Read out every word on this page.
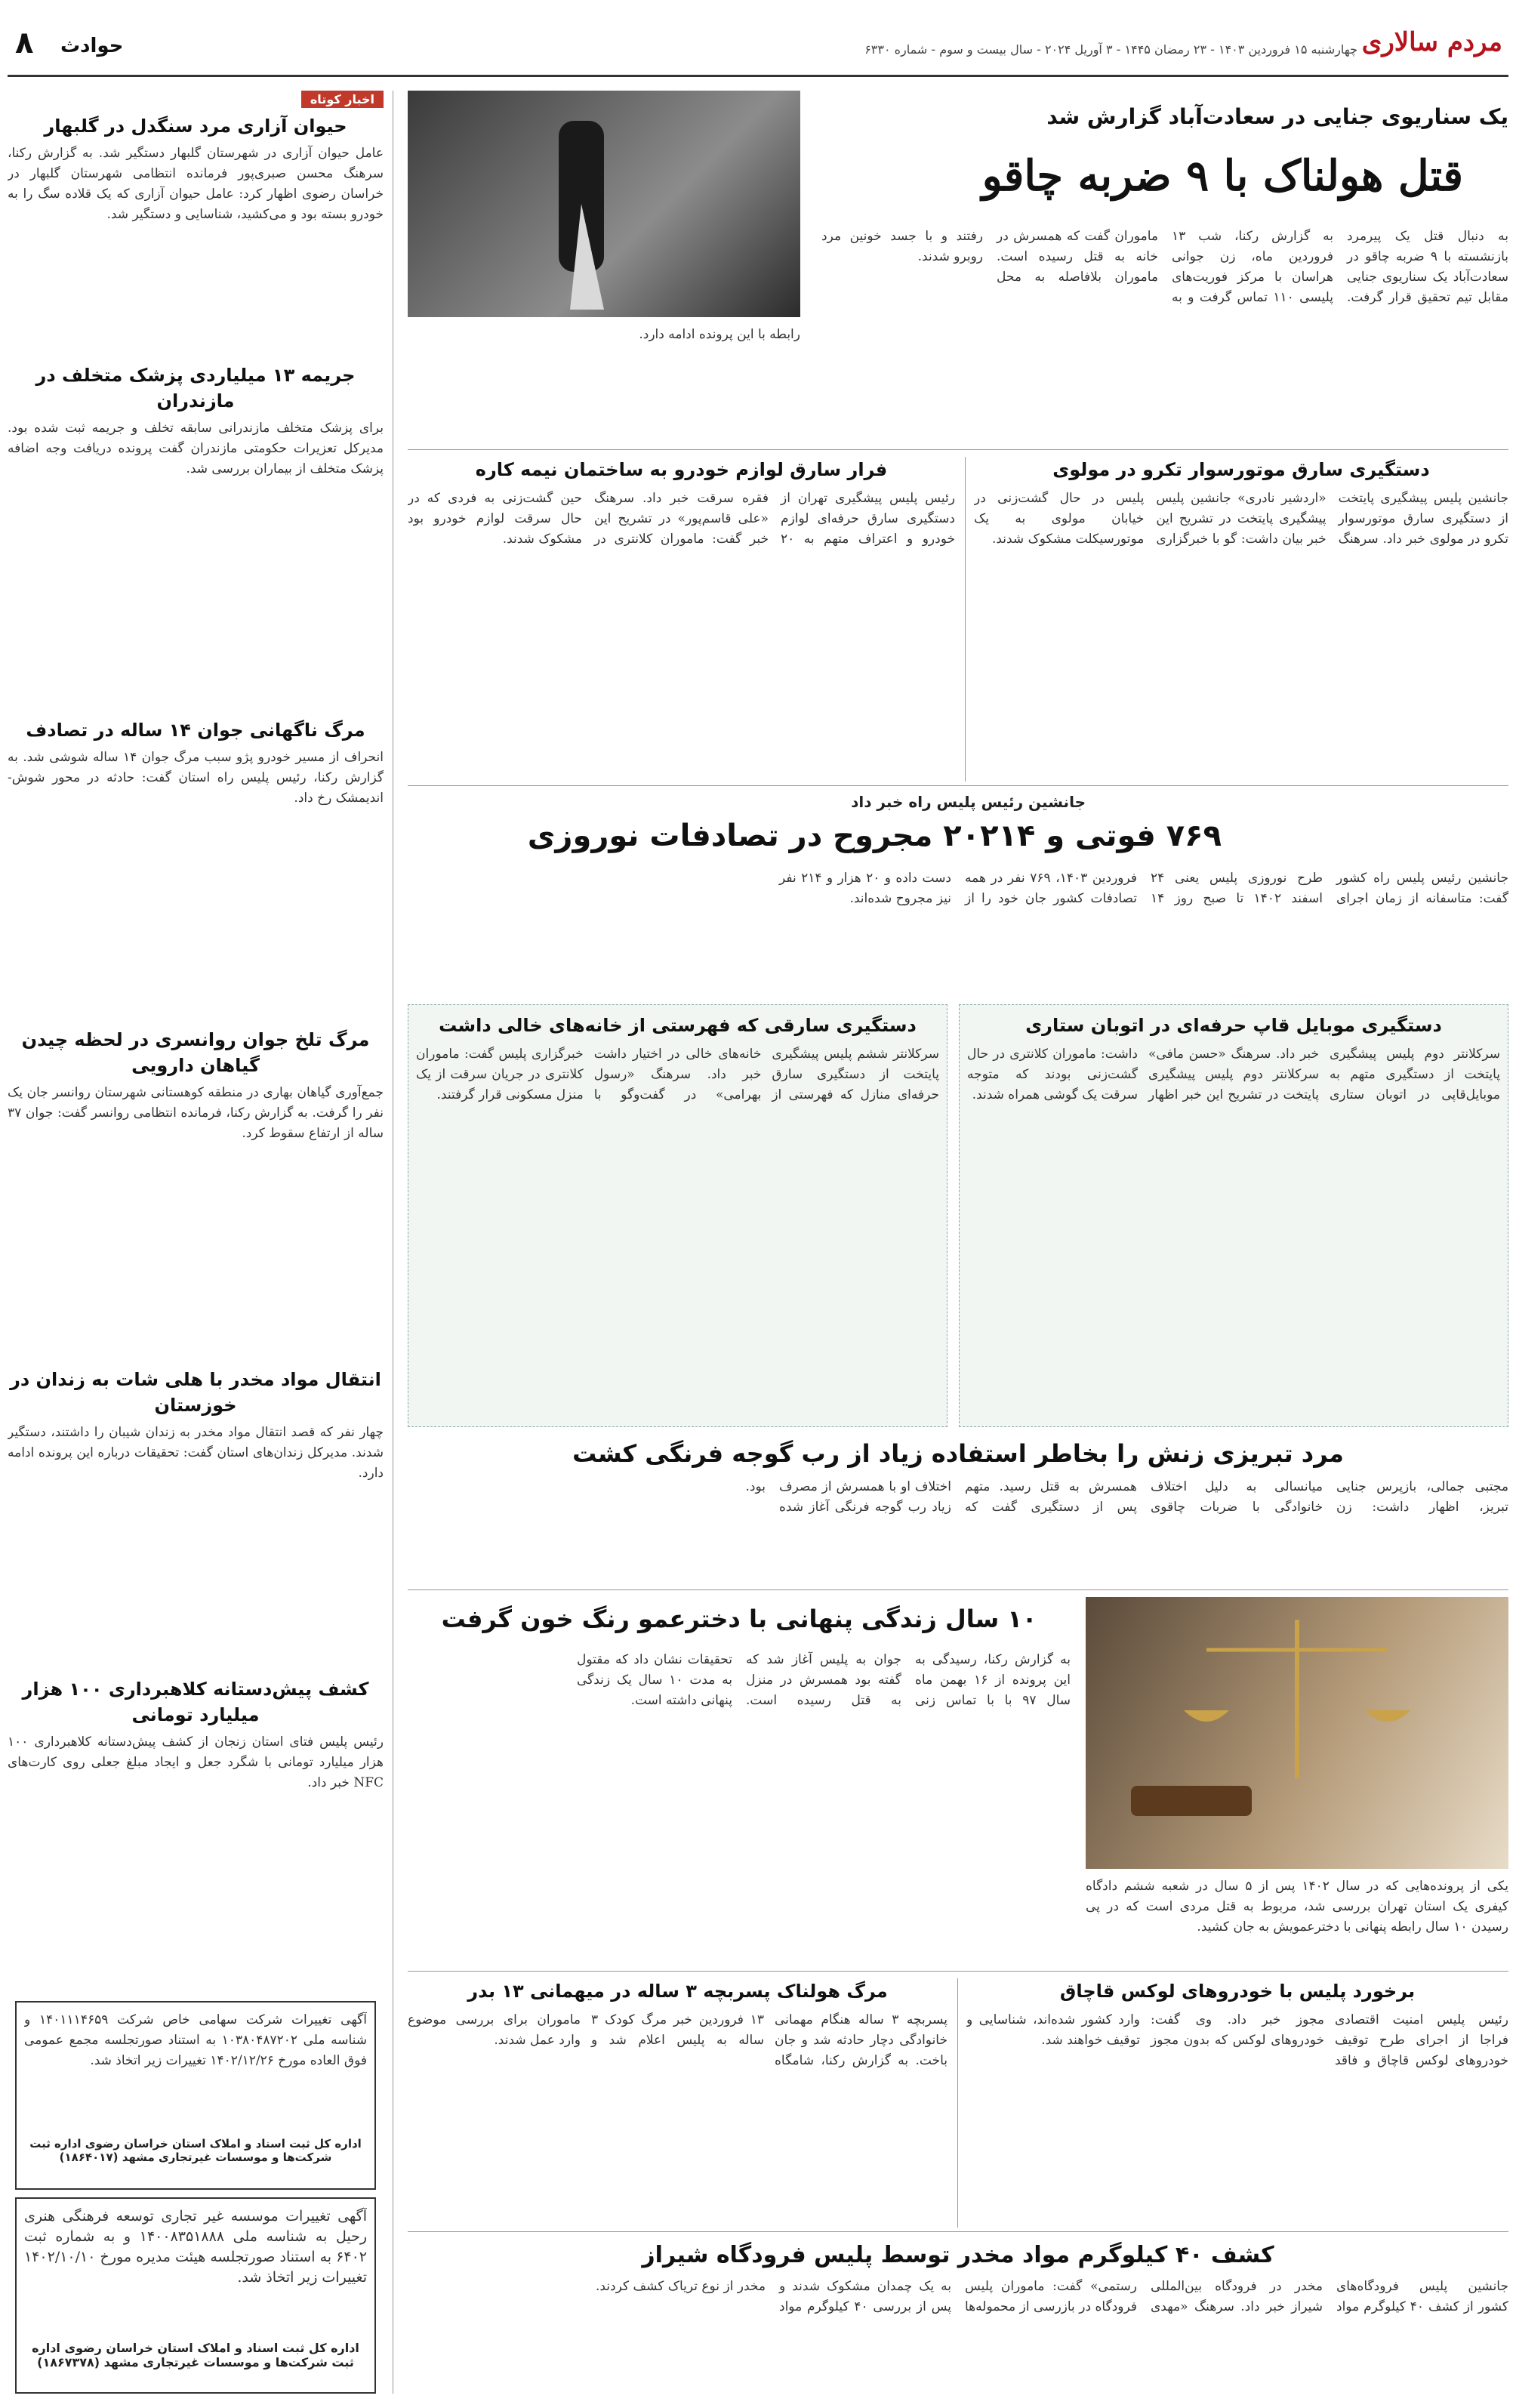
مردم سالاری
چهارشنبه ۱۵ فروردین ۱۴۰۳ - ۲۳ رمضان ۱۴۴۵ - ۳ آوریل ۲۰۲۴ - سال بیست و سوم - شماره ۶۳۳۰
۸ حوادث
اخبار کوتاه
حیوان آزاری مرد سنگدل در گلبهار
عامل حیوان آزاری در شهرستان گلبهار دستگیر شد. به گزارش رکنا، سرهنگ محسن صبری‌پور فرمانده انتظامی شهرستان گلبهار در خراسان رضوی اظهار کرد: عامل حیوان آزاری که یک قلاده سگ را به خودرو بسته بود و می‌کشید، شناسایی و دستگیر شد.
جریمه ۱۳ میلیاردی پزشک متخلف در مازندران
برای پزشک متخلف مازندرانی سابقه تخلف و جریمه ثبت شده بود. مدیرکل تعزیرات حکومتی مازندران گفت پرونده دریافت وجه اضافه پزشک متخلف از بیماران بررسی شد.
مرگ ناگهانی جوان ۱۴ ساله در تصادف
انحراف از مسیر خودرو پژو سبب مرگ جوان ۱۴ ساله شوشی شد. به گزارش رکنا، رئیس پلیس راه استان گفت: حادثه در محور شوش-اندیمشک رخ داد.
مرگ تلخ جوان روانسری در لحظه چیدن گیاهان دارویی
جمع‌آوری گیاهان بهاری در منطقه کوهستانی شهرستان روانسر جان یک نفر را گرفت. به گزارش رکنا، فرمانده انتظامی روانسر گفت: جوان ۳۷ ساله از ارتفاع سقوط کرد.
انتقال مواد مخدر با هلی شات به زندان در خوزستان
چهار نفر که قصد انتقال مواد مخدر به زندان شیبان را داشتند، دستگیر شدند. مدیرکل زندان‌های استان گفت: تحقیقات درباره این پرونده ادامه دارد.
کشف پیش‌دستانه کلاهبرداری ۱۰۰ هزار میلیارد تومانی
رئیس پلیس فتای استان زنجان از کشف پیش‌دستانه کلاهبرداری ۱۰۰ هزار میلیارد تومانی با شگرد جعل و ایجاد مبلغ جعلی روی کارت‌های NFC خبر داد.
آگهی تغییرات شرکت سهامی خاص شرکت ۱۴۰۱۱۱۴۶۵۹ و شناسه ملی ۱۰۳۸۰۴۸۷۲۰۲ به استناد صورتجلسه مجمع عمومی فوق العاده مورخ ۱۴۰۲/۱۲/۲۶ تغییرات زیر اتخاذ شد.
اداره کل ثبت اسناد و املاک استان خراسان رضوی اداره ثبت شرکت‌ها و موسسات غیرتجاری مشهد (۱۸۶۴۰۱۷)
آگهی تغییرات موسسه غیر تجاری توسعه فرهنگی هنری رحیل به شناسه ملی ۱۴۰۰۸۳۵۱۸۸۸ و به شماره ثبت ۶۴۰۲ به استناد صورتجلسه هیئت مدیره مورخ ۱۴۰۲/۱۰/۱۰ تغییرات زیر اتخاذ شد.
اداره کل ثبت اسناد و املاک استان خراسان رضوی اداره ثبت شرکت‌ها و موسسات غیرتجاری مشهد (۱۸۶۷۳۷۸)
یک سناریوی جنایی در سعادت‌آباد گزارش شد
قتل هولناک با ۹ ضربه چاقو
به دنبال قتل یک پیرمرد بازنشسته با ۹ ضربه چاقو در سعادت‌آباد یک سناریوی جنایی مقابل تیم تحقیق قرار گرفت. به گزارش رکنا، شب ۱۳ فروردین ماه، زن جوانی هراسان با مرکز فوریت‌های پلیسی ۱۱۰ تماس گرفت و به ماموران گفت که همسرش در خانه به قتل رسیده است. ماموران بلافاصله به محل رفتند و با جسد خونین مرد روبرو شدند.
رابطه با این پرونده ادامه دارد.
دستگیری سارق موتورسوار تکرو در مولوی
جانشین پلیس پیشگیری پایتخت از دستگیری سارق موتورسوار تکرو در مولوی خبر داد. سرهنگ «اردشیر نادری» جانشین پلیس پیشگیری پایتخت در تشریح این خبر بیان داشت: گو با خبرگزاری پلیس در حال گشت‌زنی در خیابان مولوی به یک موتورسیکلت مشکوک شدند.
فرار سارق لوازم خودرو به ساختمان نیمه کاره
رئیس پلیس پیشگیری تهران از دستگیری سارق حرفه‌ای لوازم خودرو و اعتراف متهم به ۲۰ فقره سرقت خبر داد. سرهنگ «علی قاسم‌پور» در تشریح این خبر گفت: ماموران کلانتری در حین گشت‌زنی به فردی که در حال سرقت لوازم خودرو بود مشکوک شدند.
جانشین رئیس پلیس راه خبر داد
۷۶۹ فوتی و ۲۰۲۱۴ مجروح در تصادفات نوروزی
جانشین رئیس پلیس راه کشور گفت: متاسفانه از زمان اجرای طرح نوروزی پلیس یعنی ۲۴ اسفند ۱۴۰۲ تا صبح روز ۱۴ فروردین ۱۴۰۳، ۷۶۹ نفر در همه تصادفات کشور جان خود را از دست داده و ۲۰ هزار و ۲۱۴ نفر نیز مجروح شده‌اند.
دستگیری موبایل قاپ حرفه‌ای در اتوبان ستاری
سرکلانتر دوم پلیس پیشگیری پایتخت از دستگیری متهم به موبایل‌قاپی در اتوبان ستاری خبر داد. سرهنگ «حسن مافی» سرکلانتر دوم پلیس پیشگیری پایتخت در تشریح این خبر اظهار داشت: ماموران کلانتری در حال گشت‌زنی بودند که متوجه سرقت یک گوشی همراه شدند.
دستگیری سارقی که فهرستی از خانه‌های خالی داشت
سرکلانتر ششم پلیس پیشگیری پایتخت از دستگیری سارق حرفه‌ای منازل که فهرستی از خانه‌های خالی در اختیار داشت خبر داد. سرهنگ «رسول بهرامی» در گفت‌وگو با خبرگزاری پلیس گفت: ماموران کلانتری در جریان سرقت از یک منزل مسکونی قرار گرفتند.
مرد تبریزی زنش را بخاطر استفاده زیاد از رب گوجه فرنگی کشت
مجتبی جمالی، بازپرس جنایی تبریز، اظهار داشت: زن میانسالی به دلیل اختلاف خانوادگی با ضربات چاقوی همسرش به قتل رسید. متهم پس از دستگیری گفت که اختلاف او با همسرش از مصرف زیاد رب گوجه فرنگی آغاز شده بود.
۱۰ سال زندگی پنهانی با دخترعمو رنگ خون گرفت
به گزارش رکنا، رسیدگی به این پرونده از ۱۶ بهمن ماه سال ۹۷ با با تماس زنی جوان به پلیس آغاز شد که گفته بود همسرش در منزل به قتل رسیده است. تحقیقات نشان داد که مقتول به مدت ۱۰ سال یک زندگی پنهانی داشته است.
یکی از پرونده‌هایی که در سال ۱۴۰۲ پس از ۵ سال در شعبه ششم دادگاه کیفری یک استان تهران بررسی شد، مربوط به قتل مردی است که در پی رسیدن ۱۰ سال رابطه پنهانی با دخترعمویش به جان کشید.
برخورد پلیس با خودروهای لوکس قاچاق
رئیس پلیس امنیت اقتصادی فراجا از اجرای طرح توقیف خودروهای لوکس قاچاق و فاقد مجوز خبر داد. وی گفت: خودروهای لوکس که بدون مجوز وارد کشور شده‌اند، شناسایی و توقیف خواهند شد.
مرگ هولناک پسربچه ۳ ساله در میهمانی ۱۳ بدر
پسربچه ۳ ساله هنگام مهمانی خانوادگی دچار حادثه شد و جان باخت. به گزارش رکنا، شامگاه ۱۳ فروردین خبر مرگ کودک ۳ ساله به پلیس اعلام شد و ماموران برای بررسی موضوع وارد عمل شدند.
کشف ۴۰ کیلوگرم مواد مخدر توسط پلیس فرودگاه شیراز
جانشین پلیس فرودگاه‌های کشور از کشف ۴۰ کیلوگرم مواد مخدر در فرودگاه بین‌المللی شیراز خبر داد. سرهنگ «مهدی رستمی» گفت: ماموران پلیس فرودگاه در بازرسی از محموله‌ها به یک چمدان مشکوک شدند و پس از بررسی ۴۰ کیلوگرم مواد مخدر از نوع تریاک کشف کردند.
